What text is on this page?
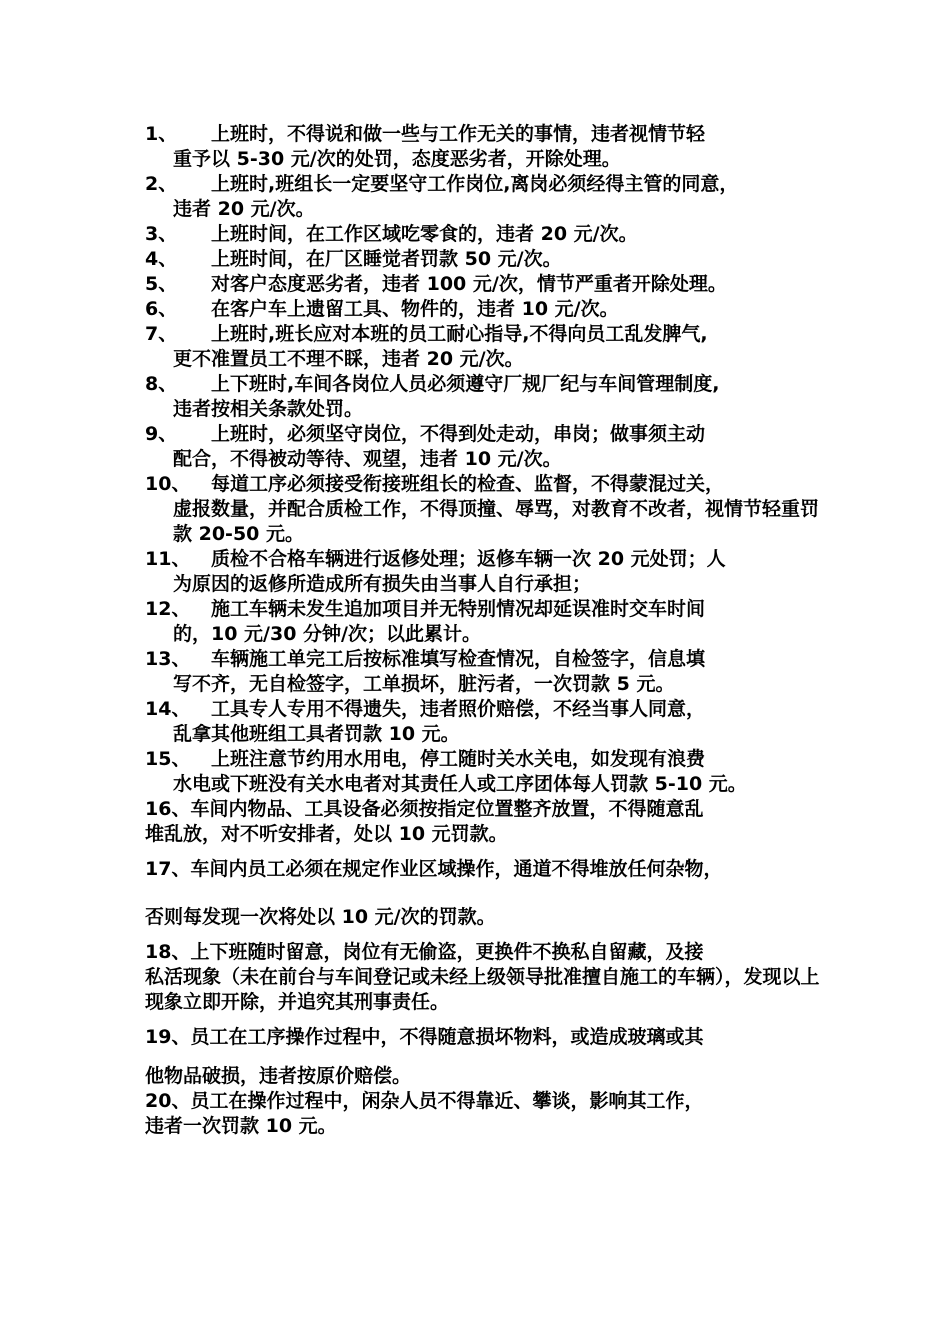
1、	上班时，不得说和做一些与工作无关的事情，违者视情节轻
重予以 5-30 元/次的处罚，态度恶劣者，开除处理。

2、	上班时,班组长一定要坚守工作岗位,离岗必须经得主管的同意，
违者 20 元/次。

3、	上班时间，在工作区域吃零食的，违者 20 元/次。

4、	上班时间，在厂区睡觉者罚款 50 元/次。

5、	对客户态度恶劣者，违者 100 元/次，情节严重者开除处理。

6、	在客户车上遗留工具、物件的，违者 10 元/次。

7、	上班时,班长应对本班的员工耐心指导,不得向员工乱发脾气,
更不准置员工不理不睬，违者 20 元/次。

8、	上下班时,车间各岗位人员必须遵守厂规厂纪与车间管理制度,
违者按相关条款处罚。

9、	上班时，必须坚守岗位，不得到处走动，串岗；做事须主动
配合，不得被动等待、观望，违者 10 元/次。

10、	每道工序必须接受衔接班组长的检查、监督，不得蒙混过关，
虚报数量，并配合质检工作，不得顶撞、辱骂，对教育不改者，视情节轻重罚款 20-50 元。

11、	质检不合格车辆进行返修处理；返修车辆一次 20 元处罚；人
为原因的返修所造成所有损失由当事人自行承担；

12、	施工车辆未发生追加项目并无特别情况却延误准时交车时间
的，10 元/30 分钟/次；以此累计。

13、	车辆施工单完工后按标准填写检查情况，自检签字，信息填
写不齐，无自检签字，工单损坏，脏污者，一次罚款 5 元。

14、	工具专人专用不得遗失，违者照价赔偿，不经当事人同意，
乱拿其他班组工具者罚款 10 元。

15、	上班注意节约用水用电，停工随时关水关电，如发现有浪费
水电或下班没有关水电者对其责任人或工序团体每人罚款 5-10 元。

16、车间内物品、工具设备必须按指定位置整齐放置，不得随意乱
堆乱放，对不听安排者，处以 10 元罚款。

17、车间内员工必须在规定作业区域操作，通道不得堆放任何杂物，
否则每发现一次将处以 10 元/次的罚款。

18、上下班随时留意，岗位有无偷盗，更换件不换私自留藏，及接
私活现象（未在前台与车间登记或未经上级领导批准擅自施工的车辆），发现以上现象立即开除，并追究其刑事责任。

19、员工在工序操作过程中，不得随意损坏物料，或造成玻璃或其
他物品破损，违者按原价赔偿。

20、员工在操作过程中，闲杂人员不得靠近、攀谈，影响其工作，
违者一次罚款 10 元。
